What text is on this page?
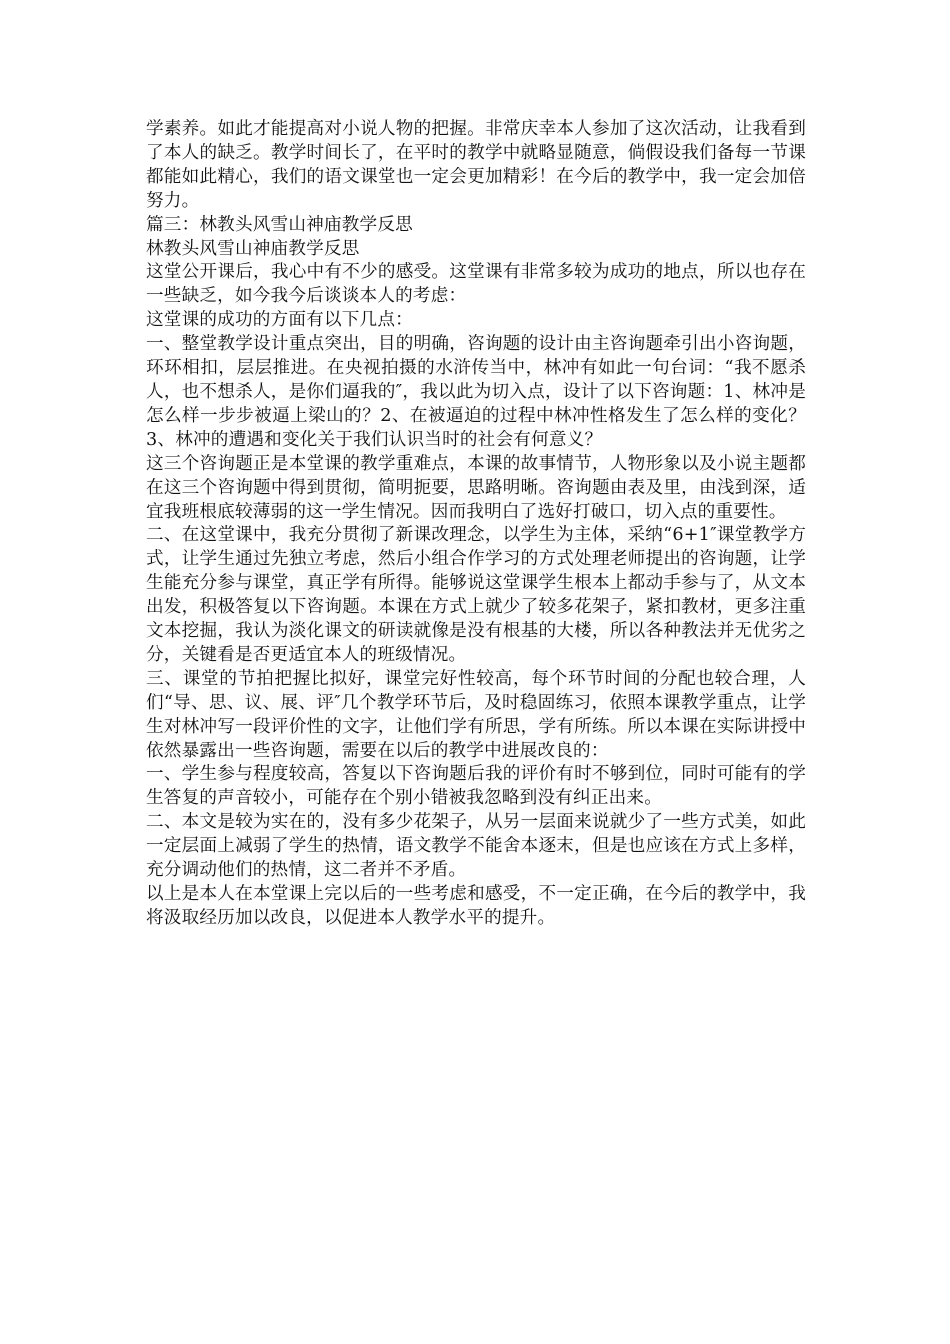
学素养。如此才能提高对小说人物的把握。非常庆幸本人参加了这次活动，让我看到了本人的缺乏。教学时间长了，在平时的教学中就略显随意，倘假设我们备每一节课都能如此精心，我们的语文课堂也一定会更加精彩！在今后的教学中，我一定会加倍努力。

篇三：林教头风雪山神庙教学反思

林教头风雪山神庙教学反思

这堂公开课后，我心中有不少的感受。这堂课有非常多较为成功的地点，所以也存在一些缺乏，如今我今后谈谈本人的考虑：

这堂课的成功的方面有以下几点：

一、整堂教学设计重点突出，目的明确，咨询题的设计由主咨询题牵引出小咨询题，环环相扣，层层推进。在央视拍摄的水浒传当中，林冲有如此一句台词：“我不愿杀人，也不想杀人，是你们逼我的″，我以此为切入点，设计了以下咨询题：1、林冲是怎么样一步步被逼上梁山的？2、在被逼迫的过程中林冲性格发生了怎么样的变化？3、林冲的遭遇和变化关于我们认识当时的社会有何意义？

这三个咨询题正是本堂课的教学重难点，本课的故事情节，人物形象以及小说主题都在这三个咨询题中得到贯彻，简明扼要，思路明晰。咨询题由表及里，由浅到深，适宜我班根底较薄弱的这一学生情况。因而我明白了选好打破口，切入点的重要性。

二、在这堂课中，我充分贯彻了新课改理念，以学生为主体，采纳“6+1″课堂教学方式，让学生通过先独立考虑，然后小组合作学习的方式处理老师提出的咨询题，让学生能充分参与课堂，真正学有所得。能够说这堂课学生根本上都动手参与了，从文本出发，积极答复以下咨询题。本课在方式上就少了较多花架子，紧扣教材，更多注重文本挖掘，我认为淡化课文的研读就像是没有根基的大楼，所以各种教法并无优劣之分，关键看是否更适宜本人的班级情况。

三、课堂的节拍把握比拟好，课堂完好性较高，每个环节时间的分配也较合理，人们“导、思、议、展、评″几个教学环节后，及时稳固练习，依照本课教学重点，让学生对林冲写一段评价性的文字，让他们学有所思，学有所练。所以本课在实际讲授中依然暴露出一些咨询题，需要在以后的教学中进展改良的：

一、学生参与程度较高，答复以下咨询题后我的评价有时不够到位，同时可能有的学生答复的声音较小，可能存在个别小错被我忽略到没有纠正出来。

二、本文是较为实在的，没有多少花架子，从另一层面来说就少了一些方式美，如此一定层面上减弱了学生的热情，语文教学不能舍本逐末，但是也应该在方式上多样，充分调动他们的热情，这二者并不矛盾。

以上是本人在本堂课上完以后的一些考虑和感受，不一定正确，在今后的教学中，我将汲取经历加以改良，以促进本人教学水平的提升。
